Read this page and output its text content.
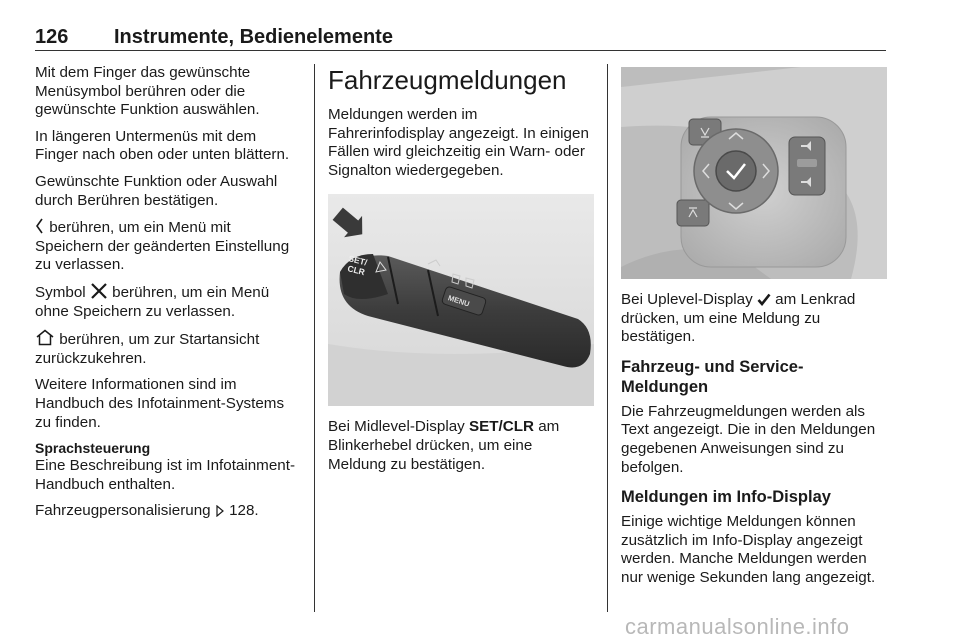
126 Instrumente, Bedienelemente

Mit dem Finger das gewünschte Menüsymbol berühren oder die gewünschte Funktion auswählen.

In längeren Untermenüs mit dem Finger nach oben oder unten blättern.

Gewünschte Funktion oder Auswahl durch Berühren bestätigen.

berühren, um ein Menü mit Speichern der geänderten Einstellung zu verlassen.

Symbol berühren, um ein Menü ohne Speichern zu verlassen.

berühren, um zur Startansicht zurückzukehren.

Weitere Informationen sind im Handbuch des Infotainment-Systems zu finden.

Sprachsteuerung

Eine Beschreibung ist im Infotainment-Handbuch enthalten.

Fahrzeugpersonalisierung 128.

Fahrzeugmeldungen

Meldungen werden im Fahrerinfodisplay angezeigt. In einigen Fällen wird gleichzeitig ein Warn- oder Signalton wiedergegeben.

SET/
CLR
MENU

Bei Midlevel-Display SET/CLR am Blinkerhebel drücken, um eine Meldung zu bestätigen.

Bei Uplevel-Display am Lenkrad drücken, um eine Meldung zu bestätigen.

Fahrzeug- und Service-Meldungen

Die Fahrzeugmeldungen werden als Text angezeigt. Die in den Meldungen gegebenen Anweisungen sind zu befolgen.

Meldungen im Info-Display

Einige wichtige Meldungen können zusätzlich im Info-Display angezeigt werden. Manche Meldungen werden nur wenige Sekunden lang angezeigt.

carmanualsonline.info
